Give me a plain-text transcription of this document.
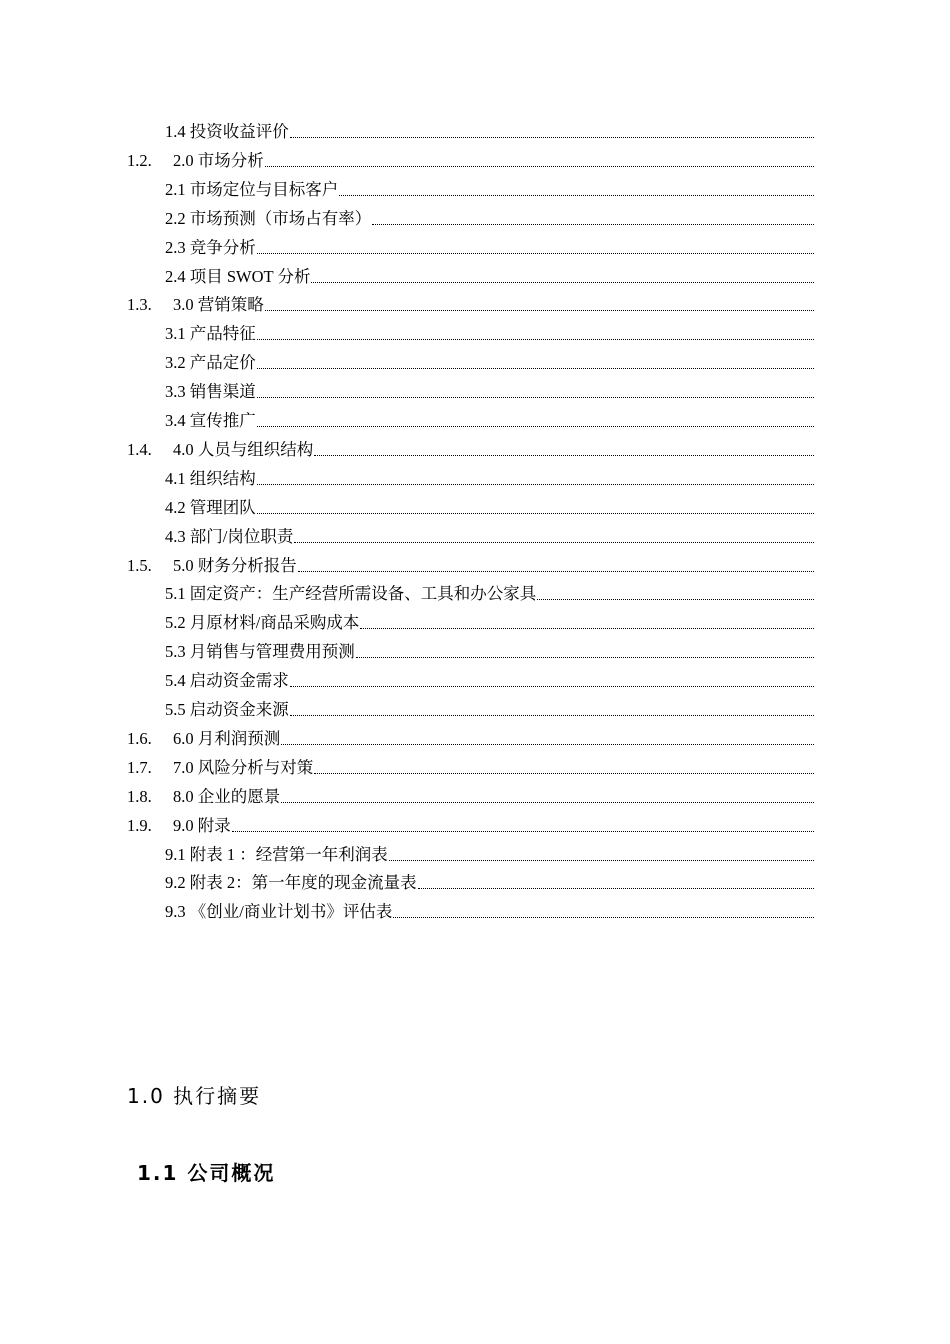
1.4 投资收益评价
1.2.	2.0 市场分析
2.1 市场定位与目标客户
2.2 市场预测（市场占有率）
2.3 竞争分析
2.4 项目 SWOT 分析
1.3.	3.0 营销策略
3.1 产品特征
3.2 产品定价
3.3 销售渠道
3.4 宣传推广
1.4.	4.0 人员与组织结构
4.1 组织结构
4.2 管理团队
4.3 部门/岗位职责
1.5.	5.0 财务分析报告
5.1 固定资产：生产经营所需设备、工具和办公家具
5.2 月原材料/商品采购成本
5.3 月销售与管理费用预测
5.4 启动资金需求
5.5 启动资金来源
1.6.	6.0 月利润预测
1.7.	7.0 风险分析与对策
1.8.	8.0 企业的愿景
1.9.	9.0 附录
9.1 附表 1 ：经营第一年利润表
9.2 附表 2：第一年度的现金流量表
9.3 《创业/商业计划书》评估表
1.0 执行摘要
1.1 公司概况
